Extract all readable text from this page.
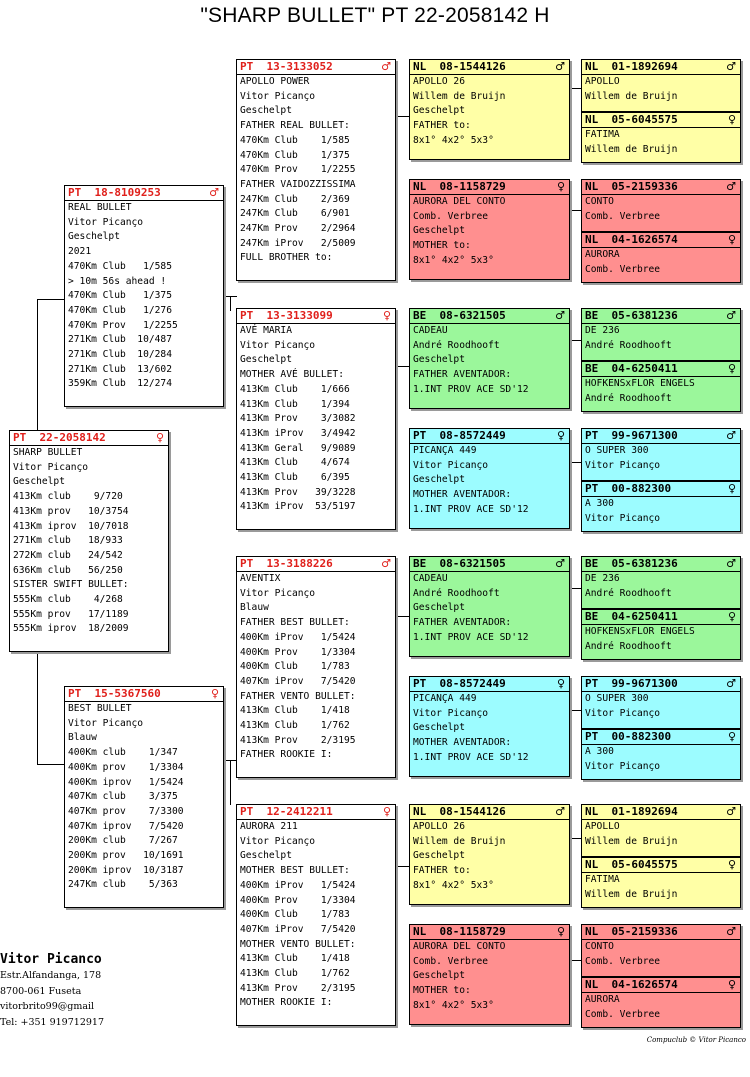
"SHARP BULLET" PT 22-2058142 H
PT  22-2058142	♀
SHARP BULLET
Vitor Picanço
Geschelpt
413Km club    9/720
413Km prov   10/3754
413Km iprov  10/7018
271Km club   18/933
272Km club   24/542
636Km club   56/250
SISTER SWIFT BULLET:
555Km club    4/268
555Km prov   17/1189
555Km iprov  18/2009
PT  18-8109253	♂
REAL BULLET
Vitor Picanço
Geschelpt
2021
470Km Club   1/585
> 10m 56s ahead !
470Km Club   1/375
470Km Club   1/276
470Km Prov   1/2255
271Km Club  10/487
271Km Club  10/284
271Km Club  13/602
359Km Club  12/274
PT  15-5367560	♀
BEST BULLET
Vitor Picanço
Blauw
400Km club    1/347
400Km prov    1/3304
400Km iprov   1/5424
407Km club    3/375
407Km prov    7/3300
407Km iprov   7/5420
200Km club    7/267
200Km prov   10/1691
200Km iprov  10/3187
247Km club    5/363
PT  13-3133052	♂
APOLLO POWER
Vitor Picanço
Geschelpt
FATHER REAL BULLET:
470Km Club    1/585
470Km Club    1/375
470Km Prov    1/2255
FATHER VAIDOZZISSIMA
247Km Club    2/369
247Km Club    6/901
247Km Prov    2/2964
247Km iProv   2/5009
FULL BROTHER to:
PT  13-3133099	♀
AVÉ MARIA
Vitor Picanço
Geschelpt
MOTHER AVÉ BULLET:
413Km Club    1/666
413Km Club    1/394
413Km Prov    3/3082
413Km iProv   3/4942
413Km Geral   9/9089
413Km Club    4/674
413Km Club    6/395
413Km Prov   39/3228
413Km iProv  53/5197
PT  13-3188226	♂
AVENTIX
Vitor Picanço
Blauw
FATHER BEST BULLET:
400Km iProv   1/5424
400Km Prov    1/3304
400Km Club    1/783
407Km iProv   7/5420
FATHER VENTO BULLET:
413Km Club    1/418
413Km Club    1/762
413Km Prov    2/3195
FATHER ROOKIE I:
PT  12-2412211	♀
AURORA 211
Vitor Picanço
Geschelpt
MOTHER BEST BULLET:
400Km iProv   1/5424
400Km Prov    1/3304
400Km Club    1/783
407Km iProv   7/5420
MOTHER VENTO BULLET:
413Km Club    1/418
413Km Club    1/762
413Km Prov    2/3195
MOTHER ROOKIE I:
NL  08-1544126	♂
APOLLO 26
Willem de Bruijn
Geschelpt
FATHER to:
8x1° 4x2° 5x3°
NL  08-1158729	♀
AURORA DEL CONTO
Comb. Verbree
Geschelpt
MOTHER to:
8x1° 4x2° 5x3°
BE  08-6321505	♂
CADEAU
André Roodhooft
Geschelpt
FATHER AVENTADOR:
1.INT PROV ACE SD'12
PT  08-8572449	♀
PICANÇA 449
Vitor Picanço
Geschelpt
MOTHER AVENTADOR:
1.INT PROV ACE SD'12
BE  08-6321505	♂
CADEAU
André Roodhooft
Geschelpt
FATHER AVENTADOR:
1.INT PROV ACE SD'12
PT  08-8572449	♀
PICANÇA 449
Vitor Picanço
Geschelpt
MOTHER AVENTADOR:
1.INT PROV ACE SD'12
NL  08-1544126	♂
APOLLO 26
Willem de Bruijn
Geschelpt
FATHER to:
8x1° 4x2° 5x3°
NL  08-1158729	♀
AURORA DEL CONTO
Comb. Verbree
Geschelpt
MOTHER to:
8x1° 4x2° 5x3°
NL  01-1892694	♂
APOLLO
Willem de Bruijn
NL  05-6045575	♀
FATIMA
Willem de Bruijn
NL  05-2159336	♂
CONTO
Comb. Verbree
NL  04-1626574	♀
AURORA
Comb. Verbree
BE  05-6381236	♂
DE 236
André Roodhooft
BE  04-6250411	♀
HOFKENSxFLOR ENGELS
André Roodhooft
PT  99-9671300	♂
O SUPER 300
Vitor Picanço
PT  00-882300	♀
A 300
Vitor Picanço
BE  05-6381236	♂
DE 236
André Roodhooft
BE  04-6250411	♀
HOFKENSxFLOR ENGELS
André Roodhooft
PT  99-9671300	♂
O SUPER 300
Vitor Picanço
PT  00-882300	♀
A 300
Vitor Picanço
NL  01-1892694	♂
APOLLO
Willem de Bruijn
NL  05-6045575	♀
FATIMA
Willem de Bruijn
NL  05-2159336	♂
CONTO
Comb. Verbree
NL  04-1626574	♀
AURORA
Comb. Verbree
Vitor Picanco
Estr.Alfandanga, 178
8700-061 Fuseta
vitorbrito99@gmail
Tel: +351 919712917
Compuclub © Vitor Picanco
